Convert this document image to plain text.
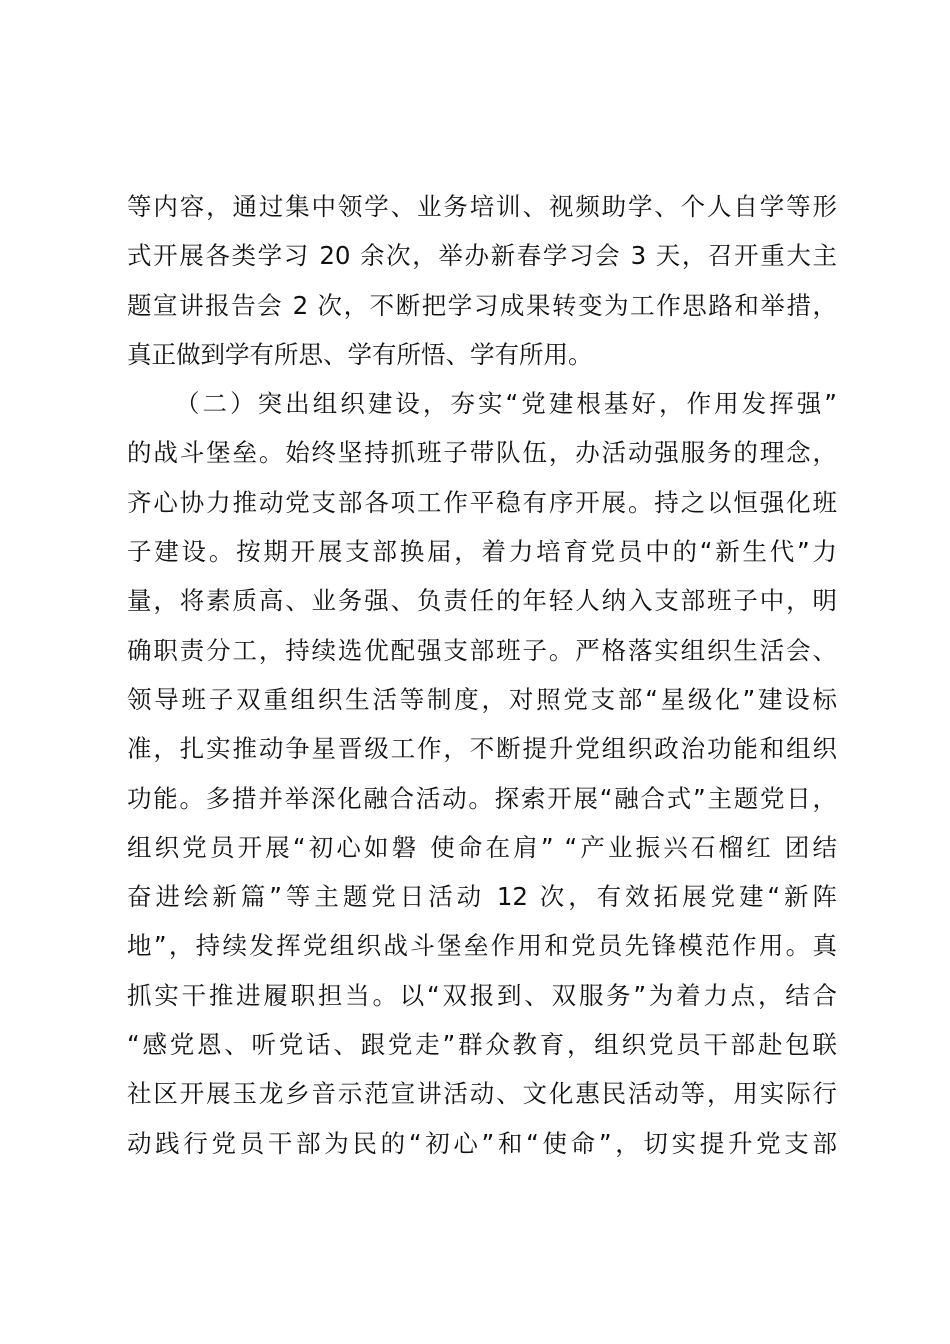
等内容，通过集中领学、业务培训、视频助学、个人自学等形
式开展各类学习 20 余次，举办新春学习会 3 天，召开重大主
题宣讲报告会 2 次，不断把学习成果转变为工作思路和举措，
真正做到学有所思、学有所悟、学有所用。
（二）突出组织建设，夯实“党建根基好，作用发挥强”
的战斗堡垒。始终坚持抓班子带队伍，办活动强服务的理念，
齐心协力推动党支部各项工作平稳有序开展。持之以恒强化班
子建设。按期开展支部换届，着力培育党员中的“新生代”力
量，将素质高、业务强、负责任的年轻人纳入支部班子中，明
确职责分工，持续选优配强支部班子。严格落实组织生活会、
领导班子双重组织生活等制度，对照党支部“星级化”建设标
准，扎实推动争星晋级工作，不断提升党组织政治功能和组织
功能。多措并举深化融合活动。探索开展“融合式”主题党日，
组织党员开展“初心如磐 使命在肩” “产业振兴石榴红 团结
奋进绘新篇”等主题党日活动 12 次，有效拓展党建“新阵
地”，持续发挥党组织战斗堡垒作用和党员先锋模范作用。真
抓实干推进履职担当。以“双报到、双服务”为着力点，结合
“感党恩、听党话、跟党走”群众教育，组织党员干部赴包联
社区开展玉龙乡音示范宣讲活动、文化惠民活动等，用实际行
动践行党员干部为民的“初心”和“使命”，切实提升党支部
